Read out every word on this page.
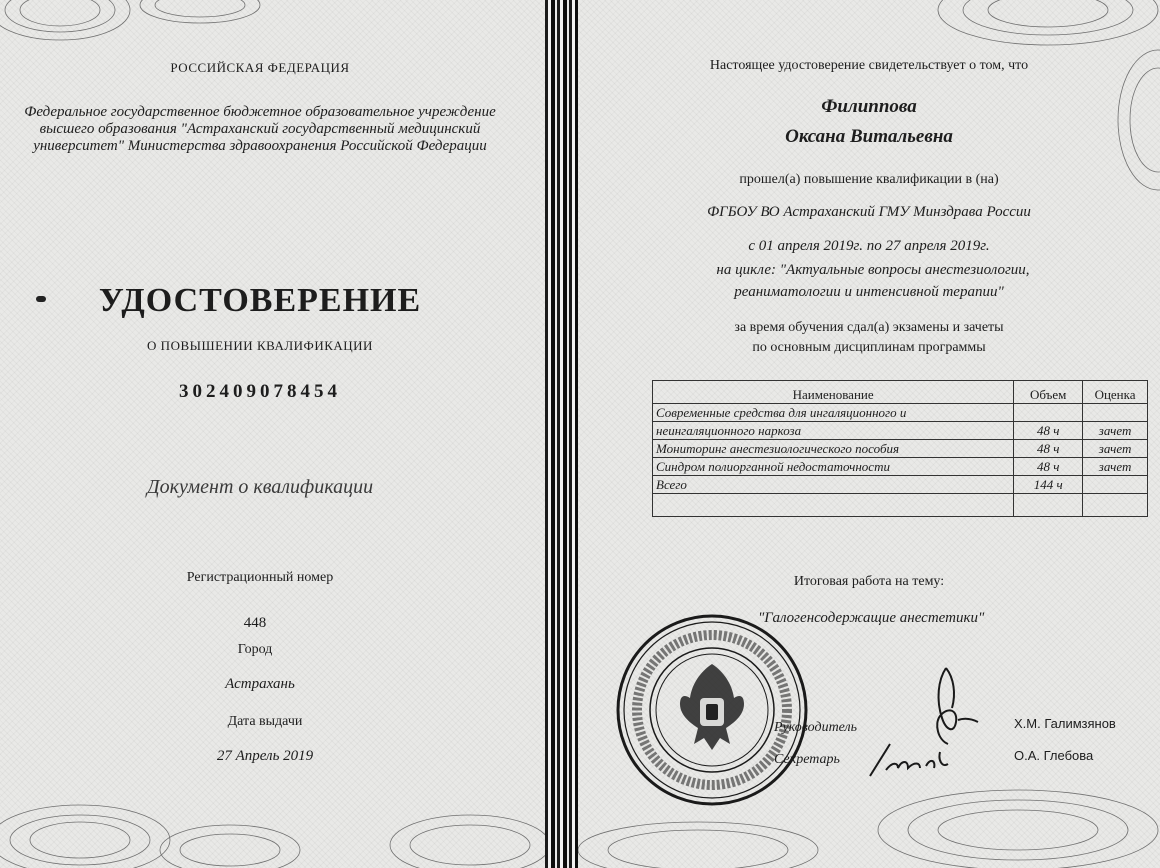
РОССИЙСКАЯ ФЕДЕРАЦИЯ
Федеральное государственное бюджетное образовательное учреждение высшего образования "Астраханский государственный медицинский университет" Министерства здравоохранения Российской Федерации
УДОСТОВЕРЕНИЕ
О ПОВЫШЕНИИ КВАЛИФИКАЦИИ
302409078454
Документ о квалификации
Регистрационный номер
448
Город
Астрахань
Дата выдачи
27 Апрель 2019
Настоящее удостоверение свидетельствует о том, что
Филиппова
Оксана Витальевна
прошел(а) повышение квалификации в (на)
ФГБОУ ВО Астраханский ГМУ Минздрава России
с 01 апреля 2019г. по 27 апреля 2019г.
на цикле: "Актуальные вопросы анестезиологии,
реаниматологии и интенсивной терапии"
за время обучения сдал(а) экзамены и зачеты
по основным дисциплинам программы
Наименование	Объем	Оценка
Современные средства для ингаляционного и		
неингаляционного наркоза	48 ч	зачет
Мониторинг анестезиологического пособия	48 ч	зачет
Синдром полиорганной недостаточности	48 ч	зачет
Всего	144 ч	

Итоговая работа на тему:
"Галогенсодержащие анестетики"
Руководитель	Х.М. Галимзянов
Секретарь	О.А. Глебова
